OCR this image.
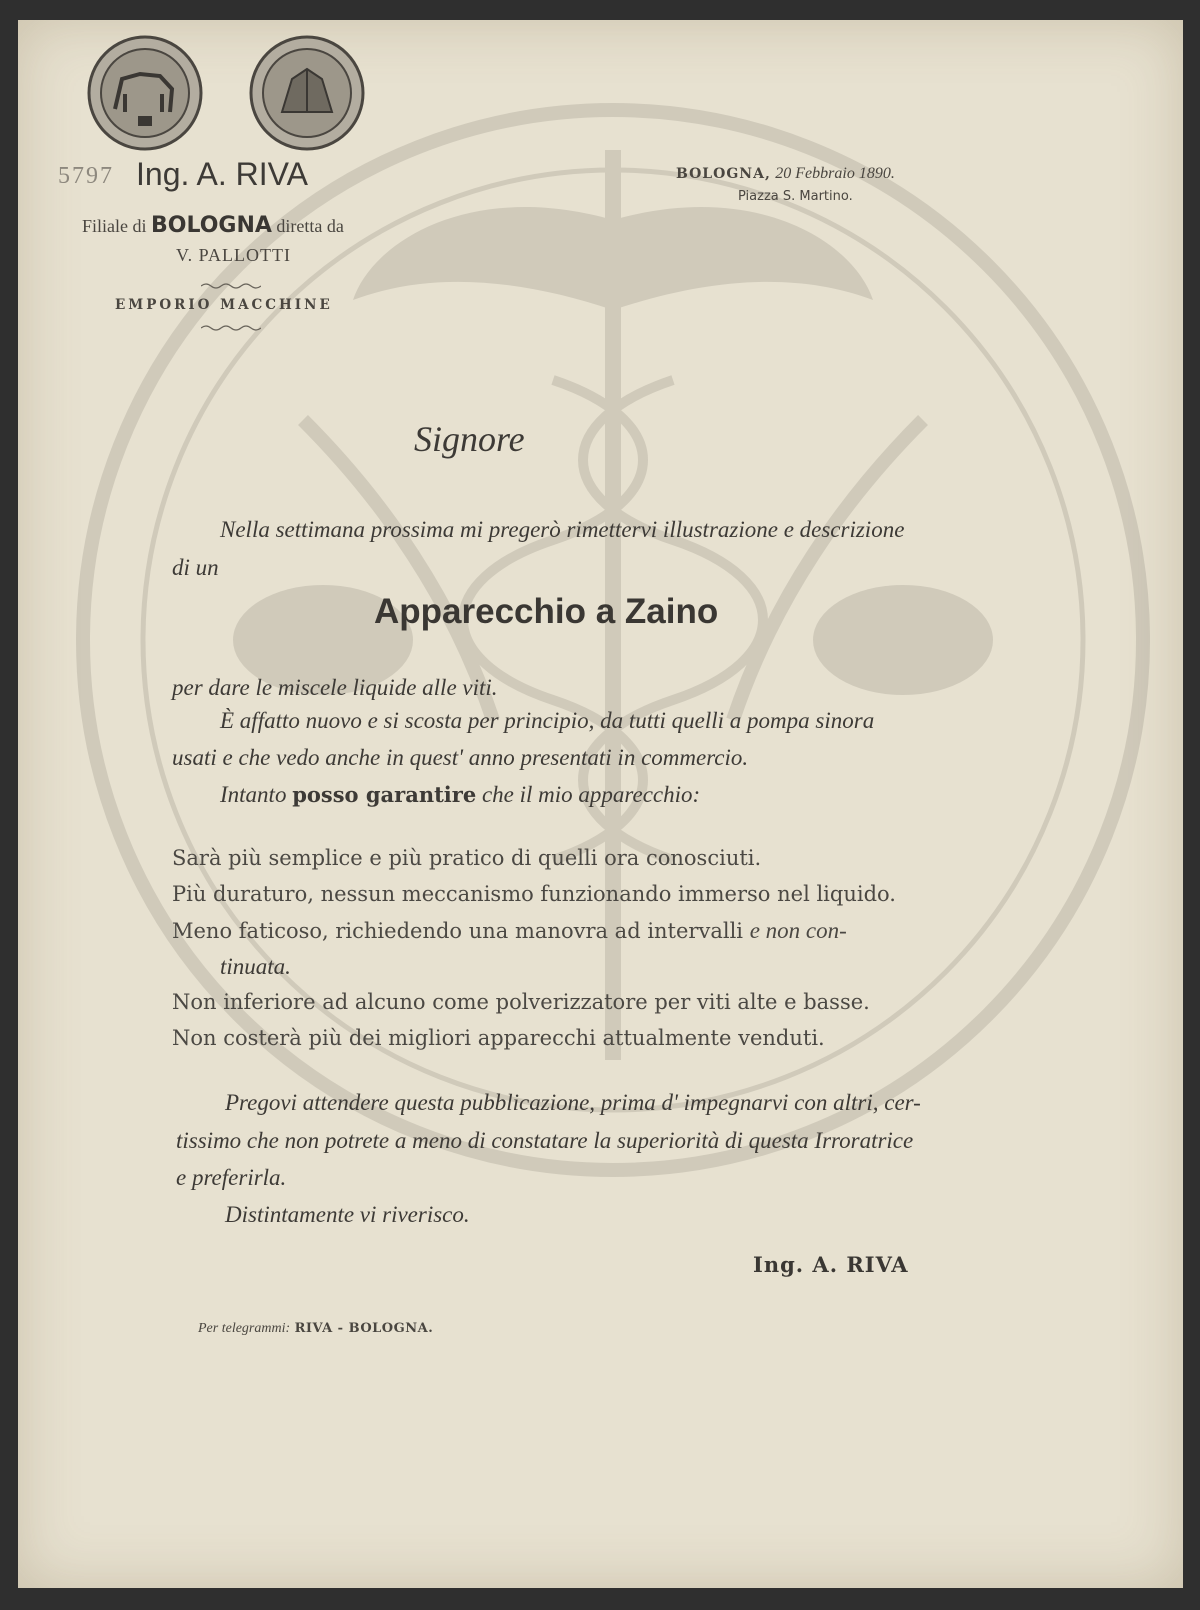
5797 Ing. A. RIVA
Filiale di BOLOGNA diretta da
V. PALLOTTI
EMPORIO MACCHINE
BOLOGNA, 20 Febbraio 1890.
Piazza S. Martino.
Signore
Nella settimana prossima mi pregerò rimettervi illustrazione e descrizione
di un
Apparecchio a Zaino
per dare le miscele liquide alle viti.
È affatto nuovo e si scosta per principio, da tutti quelli a pompa sinora
usati e che vedo anche in quest' anno presentati in commercio.
Intanto posso garantire che il mio apparecchio:
Sarà più semplice e più pratico di quelli ora conosciuti.
Più duraturo, nessun meccanismo funzionando immerso nel liquido.
Meno faticoso, richiedendo una manovra ad intervalli e non con-
tinuata.
Non inferiore ad alcuno come polverizzatore per viti alte e basse.
Non costerà più dei migliori apparecchi attualmente venduti.
Pregovi attendere questa pubblicazione, prima d' impegnarvi con altri, cer-
tissimo che non potrete a meno di constatare la superiorità di questa Irroratrice
e preferirla.
Distintamente vi riverisco.
Ing. A. RIVA
Per telegrammi: RIVA - BOLOGNA.
